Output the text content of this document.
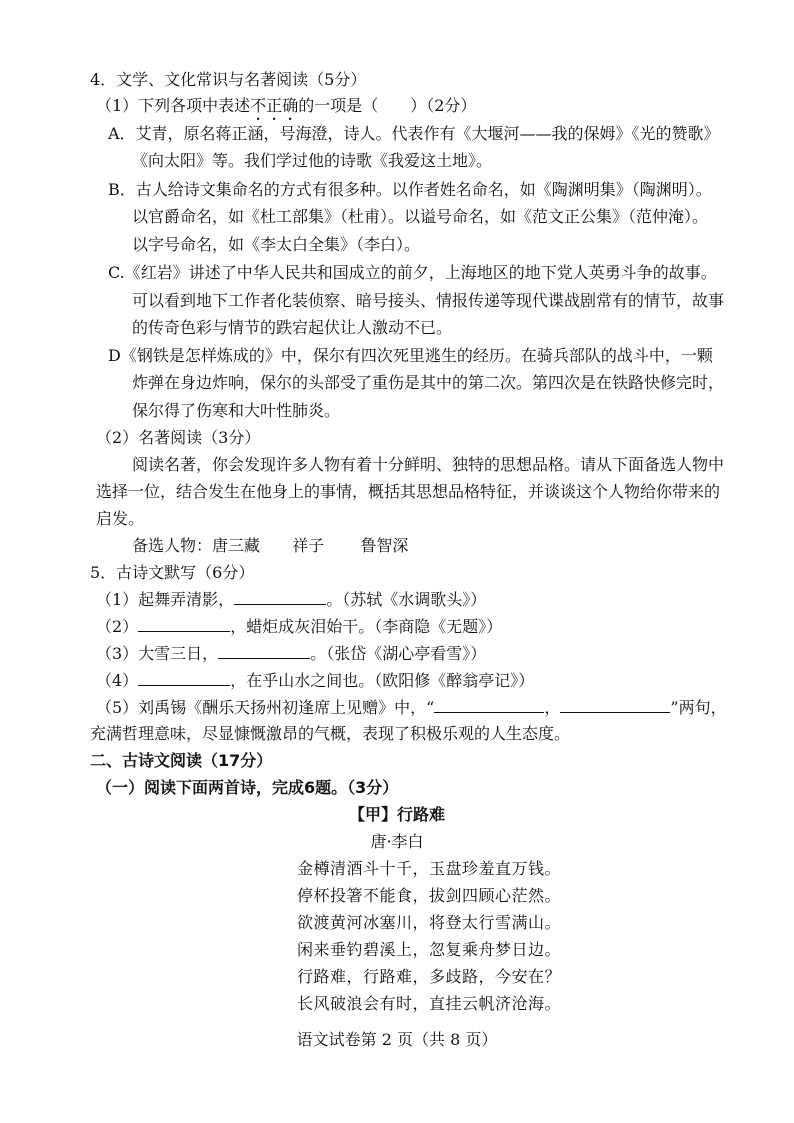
4．文学、文化常识与名著阅读（5分）
（1）下列各项中表述不正确的一项是（　　）（2分）
A．艾青，原名蒋正涵，号海澄，诗人。代表作有《大堰河——我的保姆》《光的赞歌》
《向太阳》等。我们学过他的诗歌《我爱这土地》。
B．古人给诗文集命名的方式有很多种。以作者姓名命名，如《陶渊明集》（陶渊明）。
以官爵命名，如《杜工部集》（杜甫）。以谥号命名，如《范文正公集》（范仲淹）。
以字号命名，如《李太白全集》（李白）。
C.《红岩》讲述了中华人民共和国成立的前夕，上海地区的地下党人英勇斗争的故事。
可以看到地下工作者化装侦察、暗号接头、情报传递等现代谍战剧常有的情节，故事
的传奇色彩与情节的跌宕起伏让人激动不已。
D《钢铁是怎样炼成的》中，保尔有四次死里逃生的经历。在骑兵部队的战斗中，一颗
炸弹在身边炸响，保尔的头部受了重伤是其中的第二次。第四次是在铁路快修完时，
保尔得了伤寒和大叶性肺炎。
（2）名著阅读（3分）
阅读名著，你会发现许多人物有着十分鲜明、独特的思想品格。请从下面备选人物中
选择一位，结合发生在他身上的事情，概括其思想品格特征，并谈谈这个人物给你带来的
启发。
备选人物：唐三藏 祥子 鲁智深
5．古诗文默写（6分）
（1）起舞弄清影，	。（苏轼《水调歌头》）
（2）	，蜡炬成灰泪始干。（李商隐《无题》）
（3）大雪三日，	。（张岱《湖心亭看雪》）
（4）	，在乎山水之间也。（欧阳修《醉翁亭记》）
（5）刘禹锡《酬乐天扬州初逢席上见赠》中，“	，	”两句，
充满哲理意味，尽显慷慨激昂的气概，表现了积极乐观的人生态度。
二、古诗文阅读（17分）
（一）阅读下面两首诗，完成6题。（3分）
【甲】行路难
唐·李白
金樽清酒斗十千，玉盘珍羞直万钱。
停杯投箸不能食，拔剑四顾心茫然。
欲渡黄河冰塞川，将登太行雪满山。
闲来垂钓碧溪上，忽复乘舟梦日边。
行路难，行路难，多歧路，今安在？
长风破浪会有时，直挂云帆济沧海。
语文试卷第 2 页（共 8 页）
